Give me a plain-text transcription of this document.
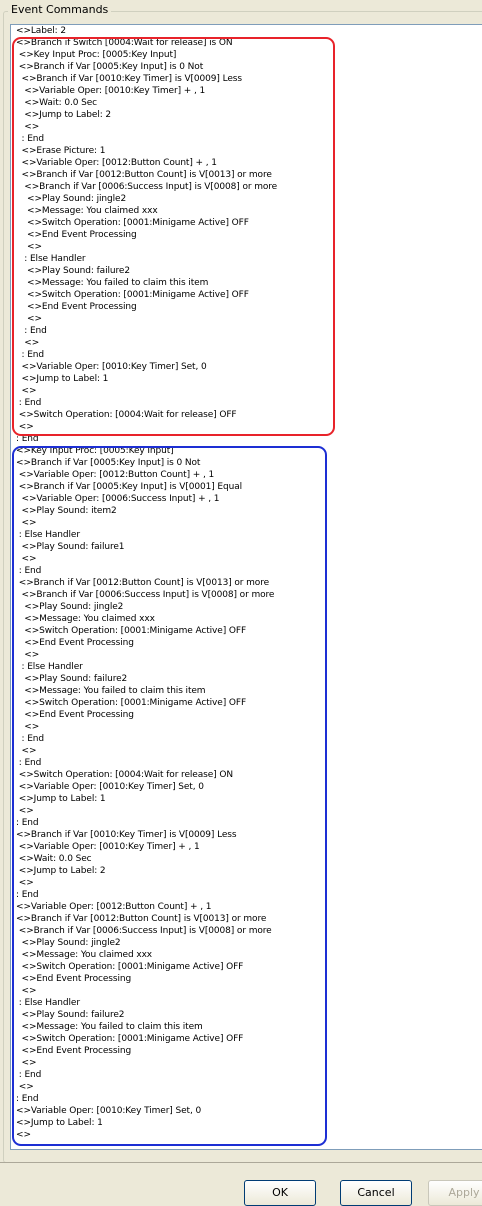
Event Commands
<>Label: 2
<>Branch if Switch [0004:Wait for release] is ON
<>Key Input Proc: [0005:Key Input]
<>Branch if Var [0005:Key Input] is 0 Not
<>Branch if Var [0010:Key Timer] is V[0009] Less
<>Variable Oper: [0010:Key Timer] + , 1
<>Wait: 0.0 Sec
<>Jump to Label: 2
<>
: End
<>Erase Picture: 1
<>Variable Oper: [0012:Button Count] + , 1
<>Branch if Var [0012:Button Count] is V[0013] or more
<>Branch if Var [0006:Success Input] is V[0008] or more
<>Play Sound: jingle2
<>Message: You claimed xxx
<>Switch Operation: [0001:Minigame Active] OFF
<>End Event Processing
<>
: Else Handler
<>Play Sound: failure2
<>Message: You failed to claim this item
<>Switch Operation: [0001:Minigame Active] OFF
<>End Event Processing
<>
: End
<>
: End
<>Variable Oper: [0010:Key Timer] Set, 0
<>Jump to Label: 1
<>
: End
<>Switch Operation: [0004:Wait for release] OFF
<>
: End
<>Key Input Proc: [0005:Key Input]
<>Branch if Var [0005:Key Input] is 0 Not
<>Variable Oper: [0012:Button Count] + , 1
<>Branch if Var [0005:Key Input] is V[0001] Equal
<>Variable Oper: [0006:Success Input] + , 1
<>Play Sound: item2
<>
: Else Handler
<>Play Sound: failure1
<>
: End
<>Branch if Var [0012:Button Count] is V[0013] or more
<>Branch if Var [0006:Success Input] is V[0008] or more
<>Play Sound: jingle2
<>Message: You claimed xxx
<>Switch Operation: [0001:Minigame Active] OFF
<>End Event Processing
<>
: Else Handler
<>Play Sound: failure2
<>Message: You failed to claim this item
<>Switch Operation: [0001:Minigame Active] OFF
<>End Event Processing
<>
: End
<>
: End
<>Switch Operation: [0004:Wait for release] ON
<>Variable Oper: [0010:Key Timer] Set, 0
<>Jump to Label: 1
<>
: End
<>Branch if Var [0010:Key Timer] is V[0009] Less
<>Variable Oper: [0010:Key Timer] + , 1
<>Wait: 0.0 Sec
<>Jump to Label: 2
<>
: End
<>Variable Oper: [0012:Button Count] + , 1
<>Branch if Var [0012:Button Count] is V[0013] or more
<>Branch if Var [0006:Success Input] is V[0008] or more
<>Play Sound: jingle2
<>Message: You claimed xxx
<>Switch Operation: [0001:Minigame Active] OFF
<>End Event Processing
<>
: Else Handler
<>Play Sound: failure2
<>Message: You failed to claim this item
<>Switch Operation: [0001:Minigame Active] OFF
<>End Event Processing
<>
: End
<>
: End
<>Variable Oper: [0010:Key Timer] Set, 0
<>Jump to Label: 1
<>
OK	Cancel	Apply
